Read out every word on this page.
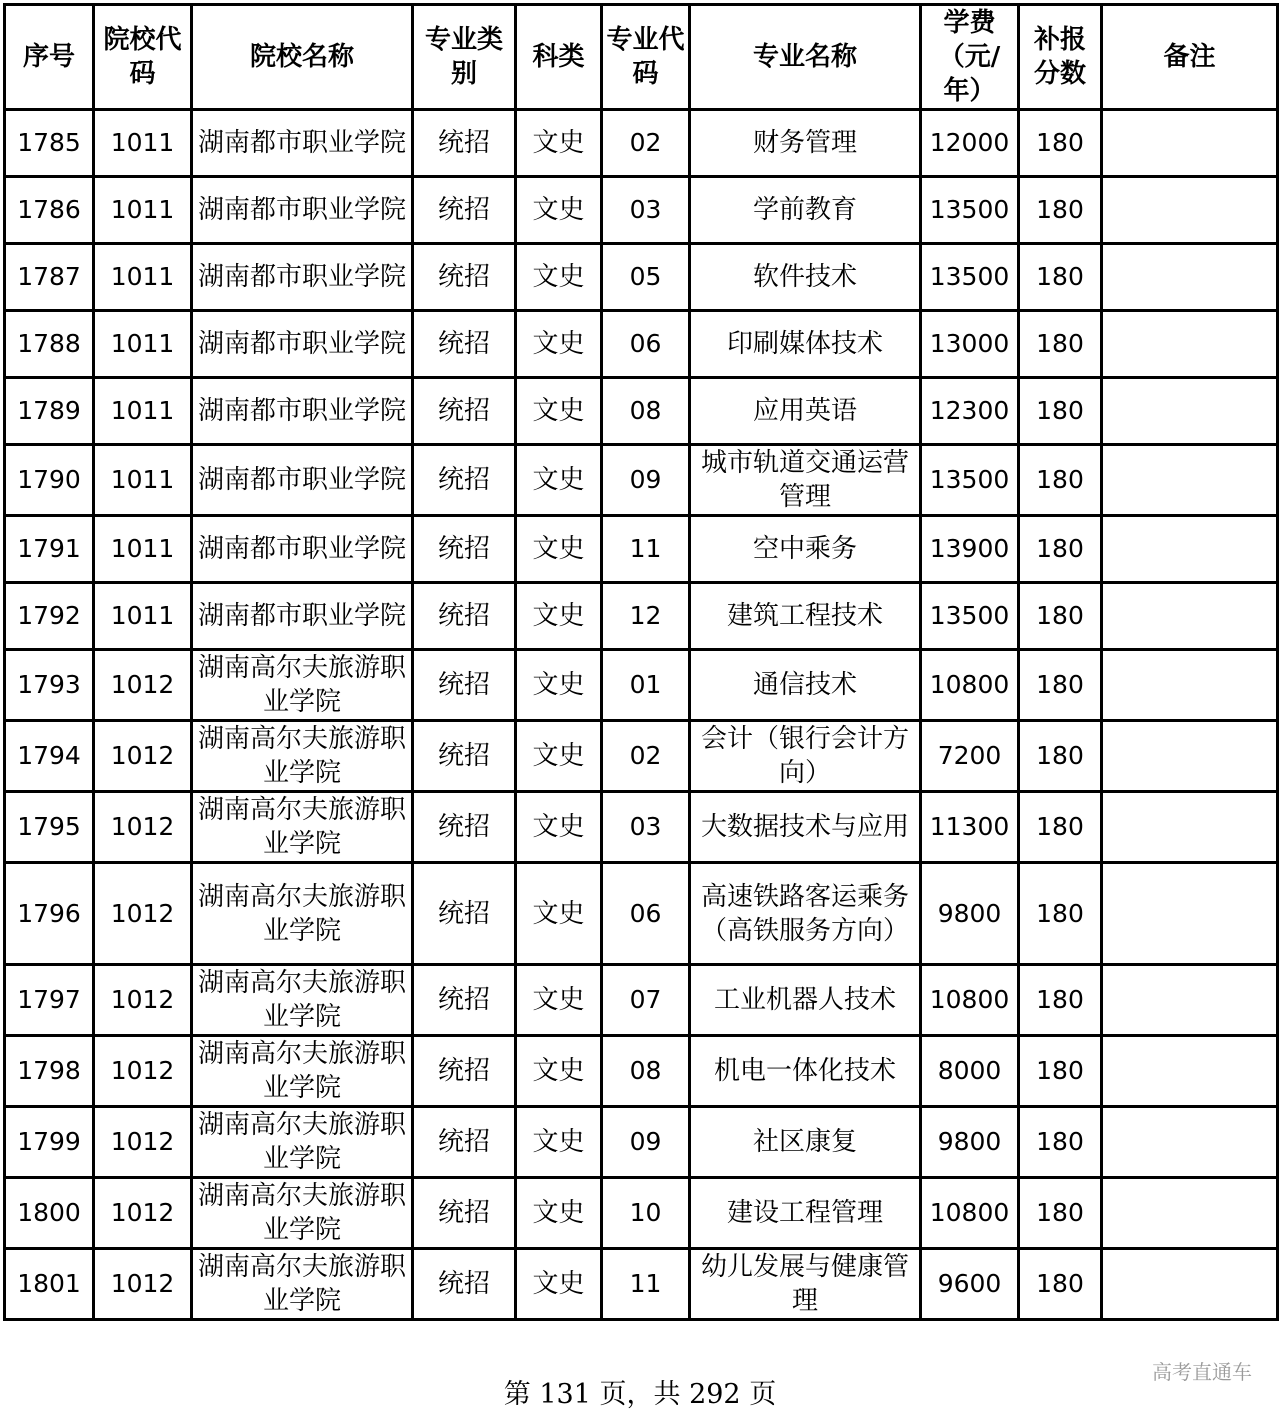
序号	院校代码	院校名称	专业类别	科类	专业代码	专业名称	学费（元/年）	补报分数	备注
1785	1011	湖南都市职业学院	统招	文史	02	财务管理	12000	180	
1786	1011	湖南都市职业学院	统招	文史	03	学前教育	13500	180	
1787	1011	湖南都市职业学院	统招	文史	05	软件技术	13500	180	
1788	1011	湖南都市职业学院	统招	文史	06	印刷媒体技术	13000	180	
1789	1011	湖南都市职业学院	统招	文史	08	应用英语	12300	180	
1790	1011	湖南都市职业学院	统招	文史	09	城市轨道交通运营管理	13500	180	
1791	1011	湖南都市职业学院	统招	文史	11	空中乘务	13900	180	
1792	1011	湖南都市职业学院	统招	文史	12	建筑工程技术	13500	180	
1793	1012	湖南高尔夫旅游职业学院	统招	文史	01	通信技术	10800	180	
1794	1012	湖南高尔夫旅游职业学院	统招	文史	02	会计（银行会计方向）	7200	180	
1795	1012	湖南高尔夫旅游职业学院	统招	文史	03	大数据技术与应用	11300	180	
1796	1012	湖南高尔夫旅游职业学院	统招	文史	06	高速铁路客运乘务（高铁服务方向）	9800	180	
1797	1012	湖南高尔夫旅游职业学院	统招	文史	07	工业机器人技术	10800	180	
1798	1012	湖南高尔夫旅游职业学院	统招	文史	08	机电一体化技术	8000	180	
1799	1012	湖南高尔夫旅游职业学院	统招	文史	09	社区康复	9800	180	
1800	1012	湖南高尔夫旅游职业学院	统招	文史	10	建设工程管理	10800	180	
1801	1012	湖南高尔夫旅游职业学院	统招	文史	11	幼儿发展与健康管理	9600	180	
第 131 页，共 292 页
高考直通车
